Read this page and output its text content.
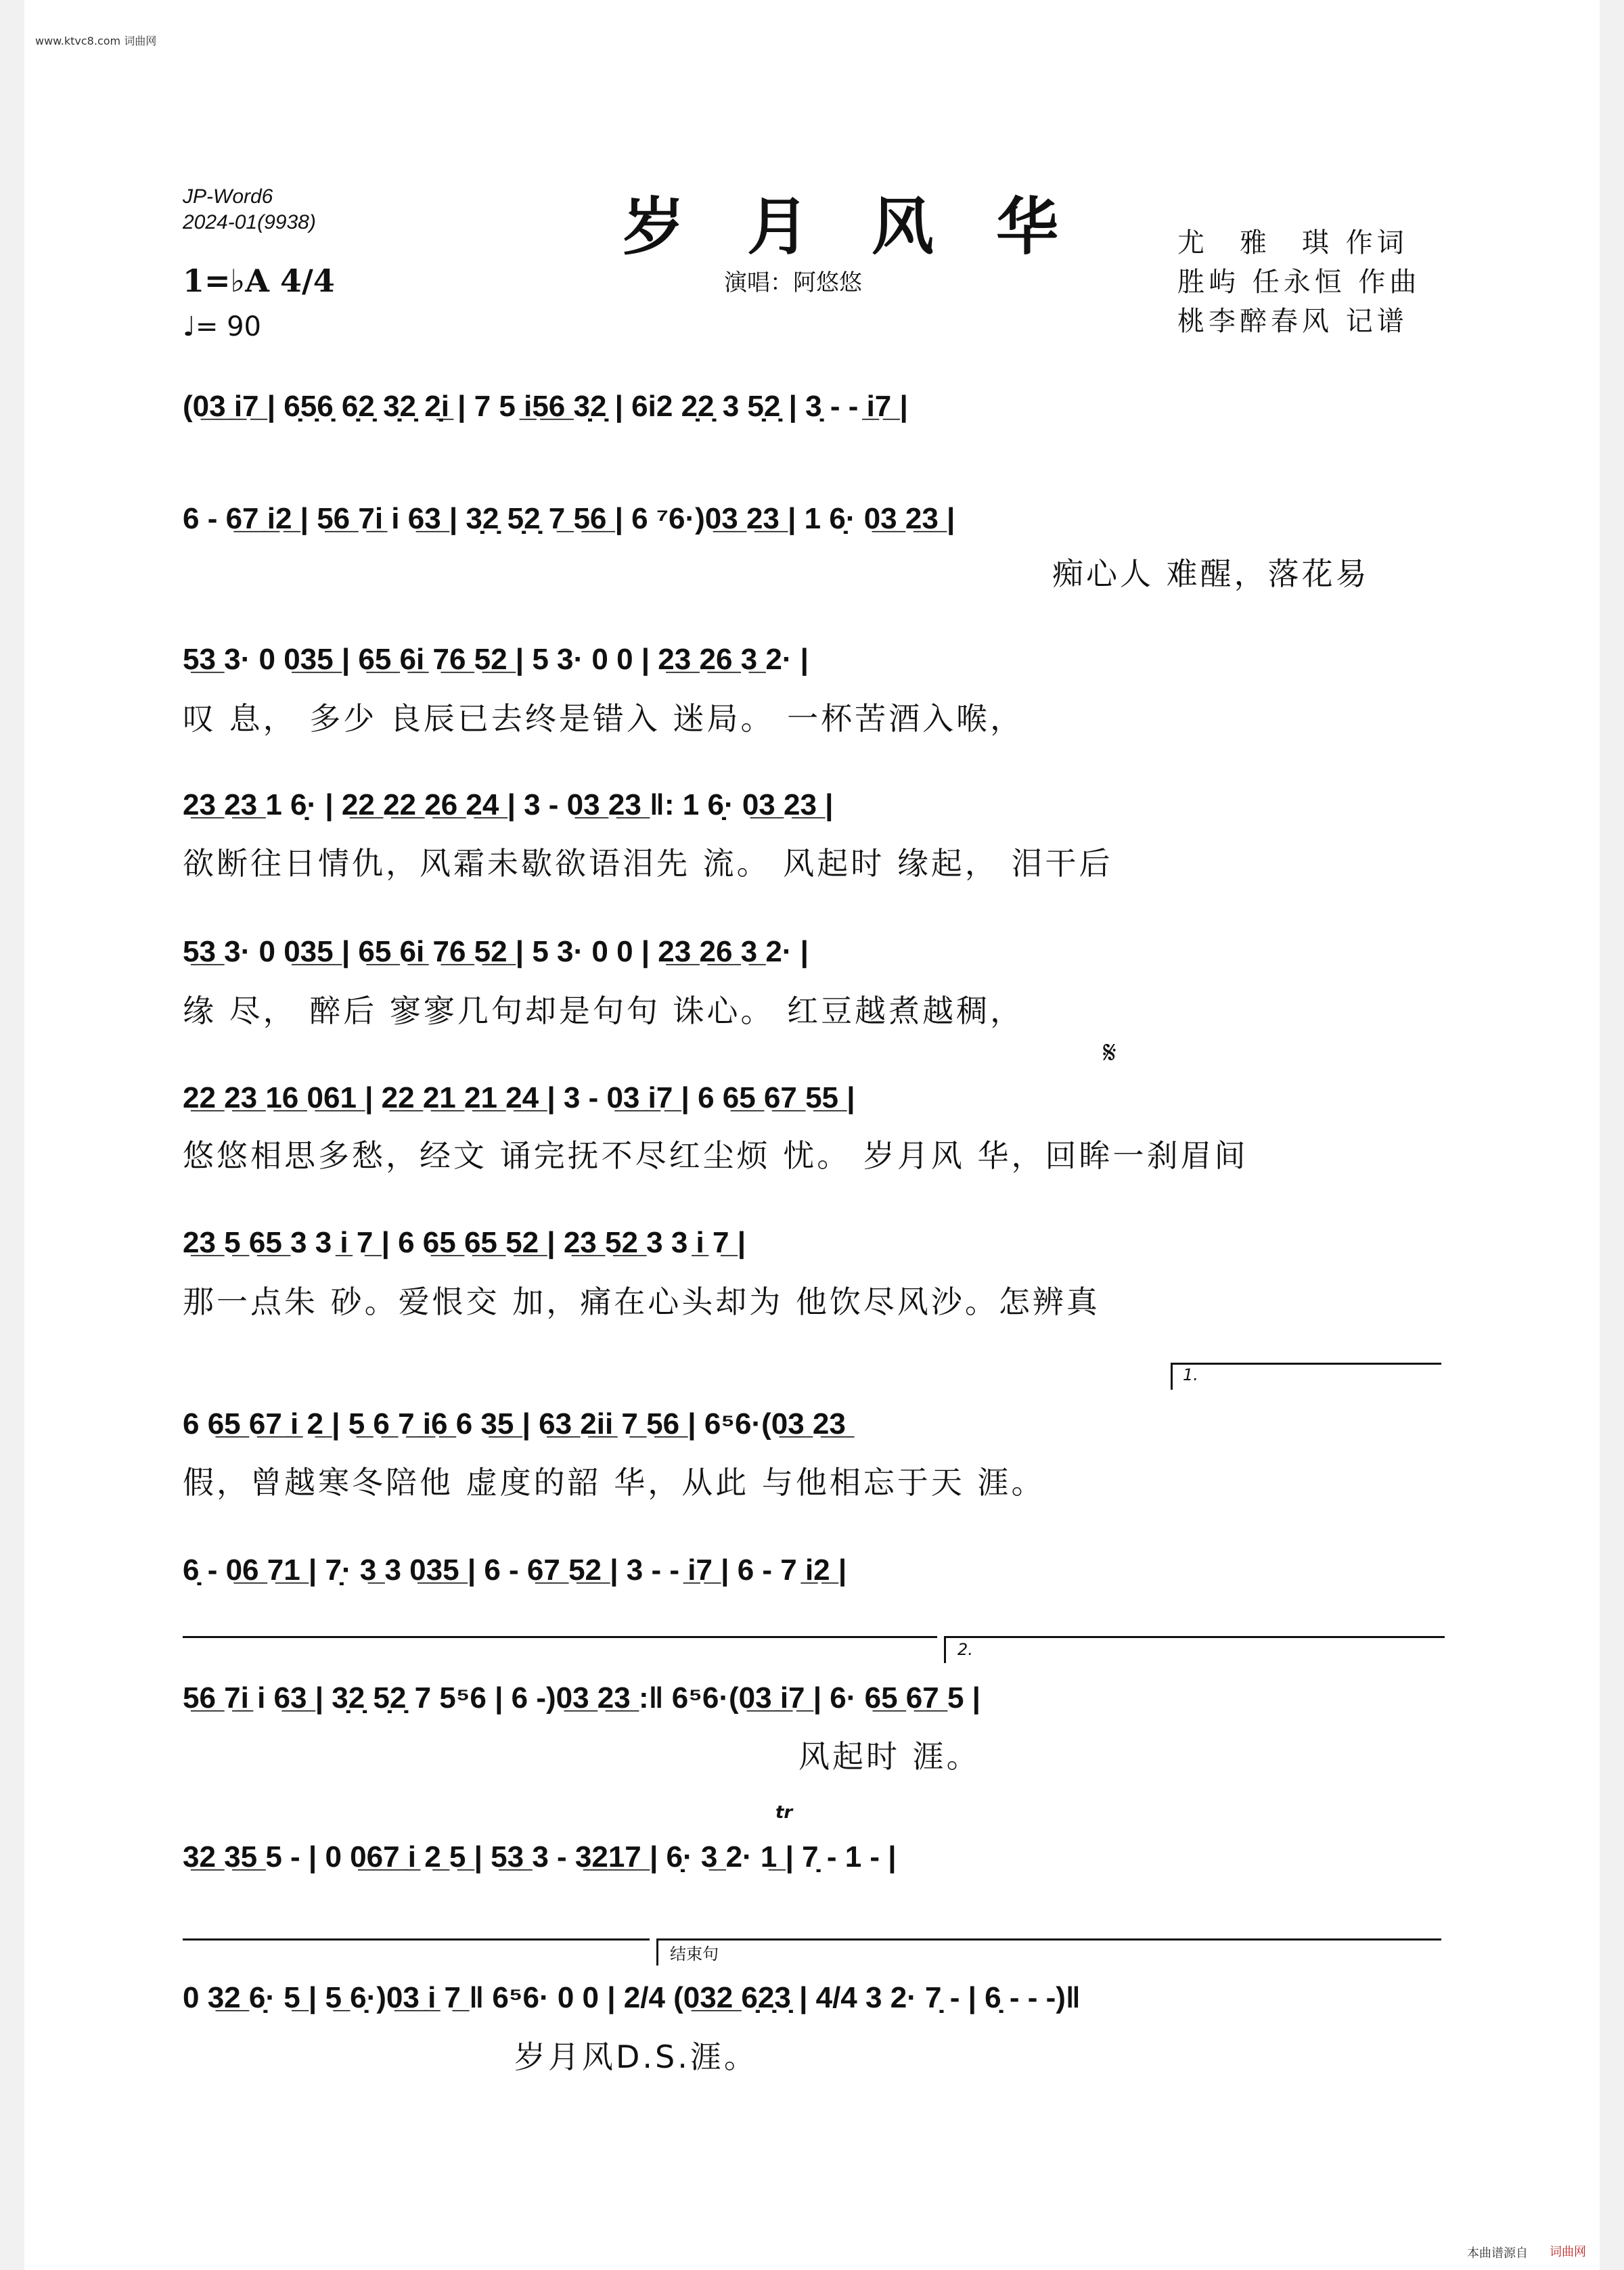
www.ktvc8.com 词曲网
JP-Word6
2024-01(9938)	岁 月 风 华
演唱：阿悠悠
尤　雅　琪 作词
胜屿 任永恒 作曲
桃李醉春风 记谱
1=♭A 4/4
♩= 90
(0̲3̲ i̲7̲ | 6̣5̣6̣ 6̣2̣ 3̣2̣ 2̣i̲ | 7 5 i̲5̲6̲ 3̣2̣ | 6i2 2̣2̣ 3 5̣2̣ | 3̣ - - i̲7̲ |
6 - 6̲7̲ i̲2̲ | 5̲6̲ 7̲i̲ i 6̲3̲ | 3̣2̣ 5̣2̣ 7̲ 5̲6̲ | 6 ⁷6·)0̲3̲ 2̲3̲ | 1 6̣· 0̲3̲ 2̲3̲ |
痴心人 难醒，落花易
5̲3̲ 3· 0 0̲3̲5̲ | 6̲5̲ 6̲i̲ 7̲6̲ 5̲2̲ | 5 3· 0 0 | 2̲3̲ 2̲6̲ 3̲ 2· |
叹 息， 多少 良辰已去终是错入 迷局。 一杯苦酒入喉，
2̲3̲ 2̲3̲ 1 6̣· | 2̲2̲ 2̲2̲ 2̲6̲ 2̲4̲ | 3 - 0̲3̲ 2̲3̲ ‖: 1 6̣· 0̲3̲ 2̲3̲ |
欲断往日情仇，风霜未歇欲语泪先 流。 风起时 缘起， 泪干后
5̲3̲ 3· 0 0̲3̲5̲ | 6̲5̲ 6̲i̲ 7̲6̲ 5̲2̲ | 5 3· 0 0 | 2̲3̲ 2̲6̲ 3̲ 2· |
缘 尽， 醉后 寥寥几句却是句句 诛心。 红豆越煮越稠，
2̲2̲ 2̲3̲ 1̲6̲ 0̲6̲1̲ | 2̲2̲ 2̲1̲ 2̲1̲ 2̲4̲ | 3 - 0̲3̲ i̲7̲ | 6 6̲5̲ 6̲7̲ 5̲5̲ |
悠悠相思多愁，经文 诵完抚不尽红尘烦 忧。 岁月风 华，回眸一刹眉间
𝄋
2̲3̲ 5̲ 6̲5̲ 3 3 i̲ 7̲ | 6 6̲5̲ 6̲5̲ 5̲2̲ | 2̲3̲ 5̲2̲ 3 3 i̲ 7̲ |
那一点朱 砂。爱恨交 加，痛在心头却为 他饮尽风沙。怎辨真
6 6̲5̲ 6̲7̲ i̲ 2̲ | 5̲ 6̲ 7̲ i̲6̲ 6 3̲5̲ | 6̲3̲ 2̲i̲i̲ 7̲ 5̲6̲ | 6⁵6·(0̲3̲ 2̲3̲
假，曾越寒冬陪他 虚度的韶 华，从此 与他相忘于天 涯。
1.
6̣ - 0̲6̲ 7̲1̲ | 7̣· 3̲ 3 0̲3̲5̲ | 6 - 6̲7̲ 5̲2̲ | 3 - - i̲7̲ | 6 - 7 i̲2̲ |
5̲6̲ 7̲i̲ i 6̲3̲ | 3̣2̣ 5̣2̣ 7 5⁵6 | 6 -)0̲3̲ 2̲3̲ :‖ 6⁵6·(0̲3̲ i̲7̲ | 6· 6̲5̲ 6̲7̲ 5 |
2.
风起时 涯。
3̲2̲ 3̲5̲ 5 - | 0 0̲6̲7̲ i̲ 2̲ 5̲ | 5̲3̲ 3 - 3̲2̲1̲7̲ | 6̣· 3̲ 2· 1̲ | 7̣ - 1 - |
tr
0 3̲2̲ 6̣· 5̲ | 5̲ 6̣·)0̲3̲ i̲ 7̲ ‖ 6⁵6· 0 0 | 2/4 (0̲3̲2̲ 6̣2̣3̣ | 4/4 3 2· 7̣ - | 6̣ - - -)‖
结束句
岁月风D.S.涯。
本曲谱源自 词曲网
